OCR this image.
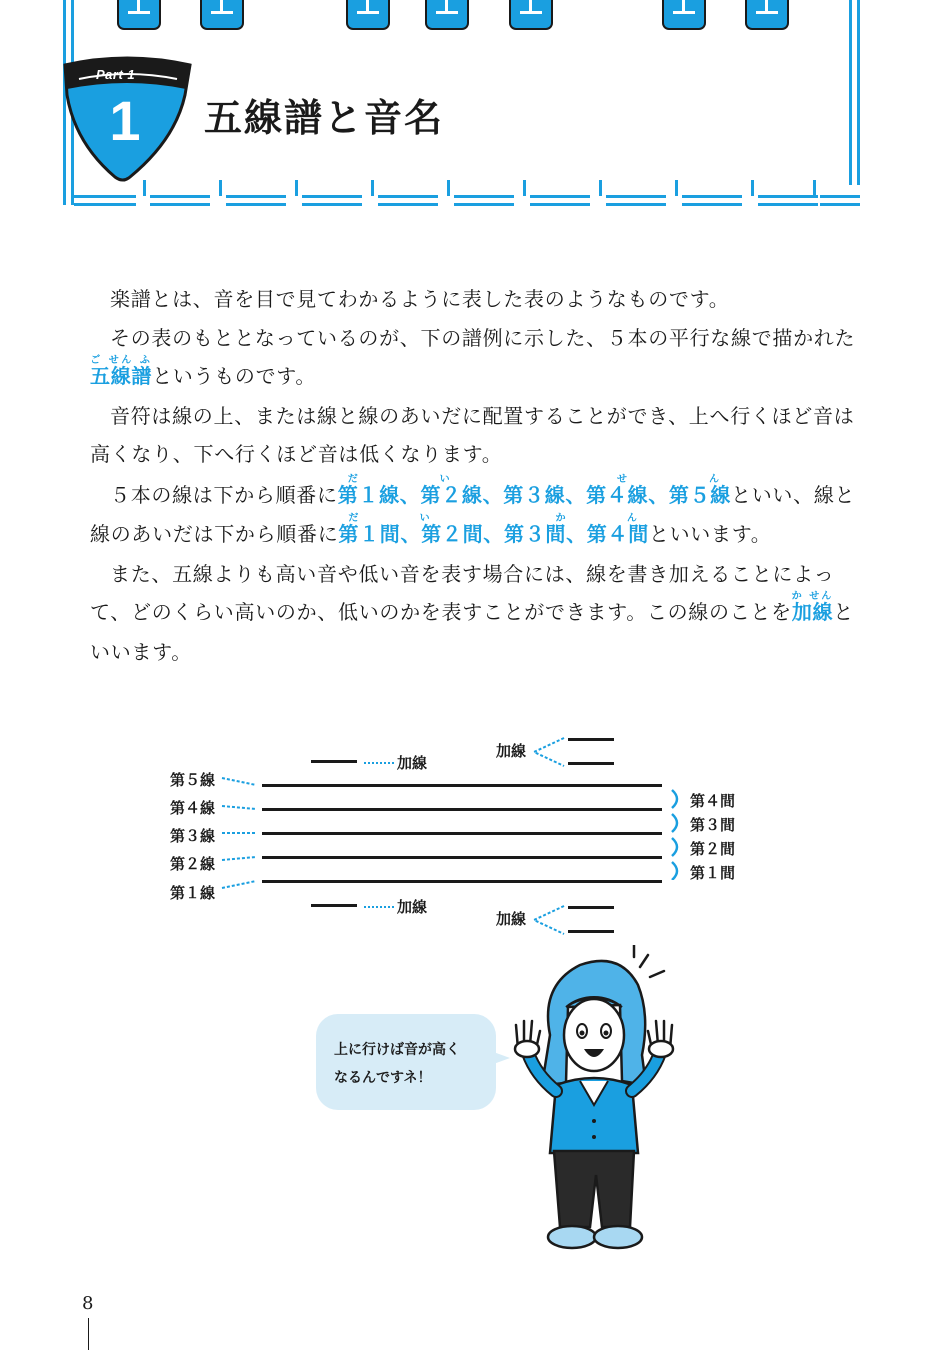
Part 1
1	五線譜と音名

楽譜とは、音を目で見てわかるように表した表のようなものです。

その表のもととなっているのが、下の譜例に示した、５本の平行な線で描かれた五線譜ご せん ふというものです。

音符は線の上、または線と線のあいだに配置することができ、上へ行くほど音は高くなり、下へ行くほど音は低くなります。

５本の線は下から順番に第１線、第２線、第３線、第４線、第５線だい せんといい、線と線のあいだは下から順番に第１間、第２間、第３間、第４間だい かんといいます。

また、五線よりも高い音や低い音を表す場合には、線を書き加えることによって、どのくらい高いのか、低いのかを表すことができます。この線のことを加線か せんといいます。

加線
加線
加線
加線
第５線
第４線
第３線
第２線
第１線
第４間
第３間
第２間
第１間
上に行けば音が高く
なるんですネ！
8
